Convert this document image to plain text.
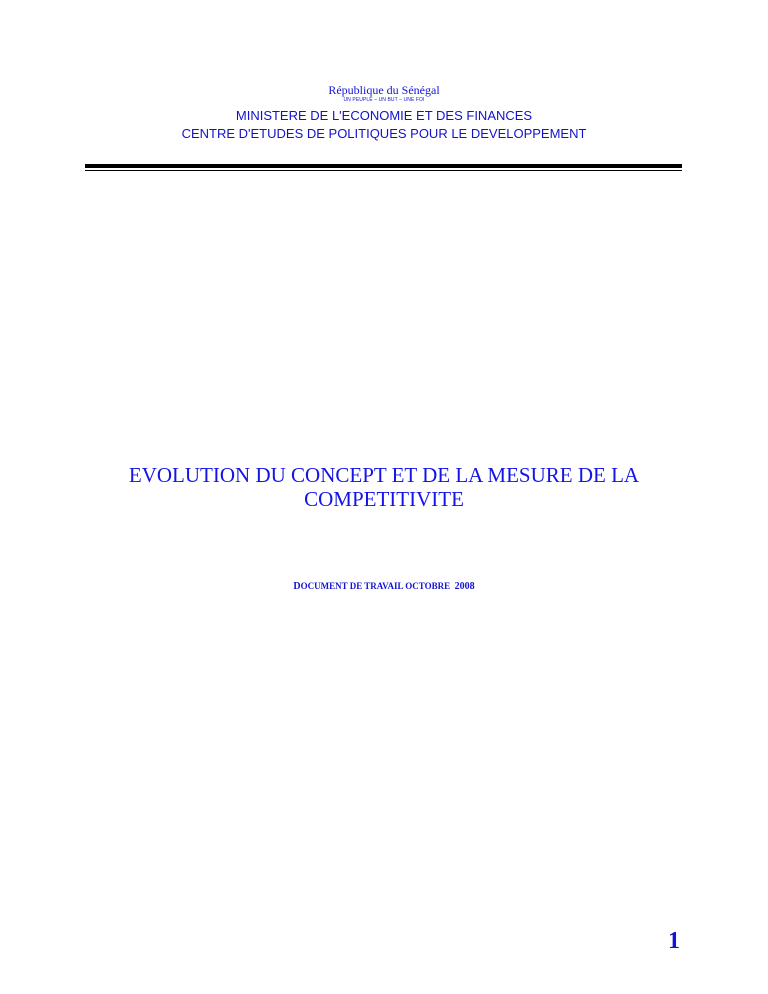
République du Sénégal
UN PEUPLE – UN BUT – UNE FOI
MINISTERE DE L'ECONOMIE ET DES FINANCES
CENTRE D'ETUDES DE POLITIQUES POUR LE DEVELOPPEMENT
EVOLUTION DU CONCEPT ET DE LA MESURE DE LA
COMPETITIVITE
DOCUMENT DE TRAVAIL OCTOBRE 2008
1
